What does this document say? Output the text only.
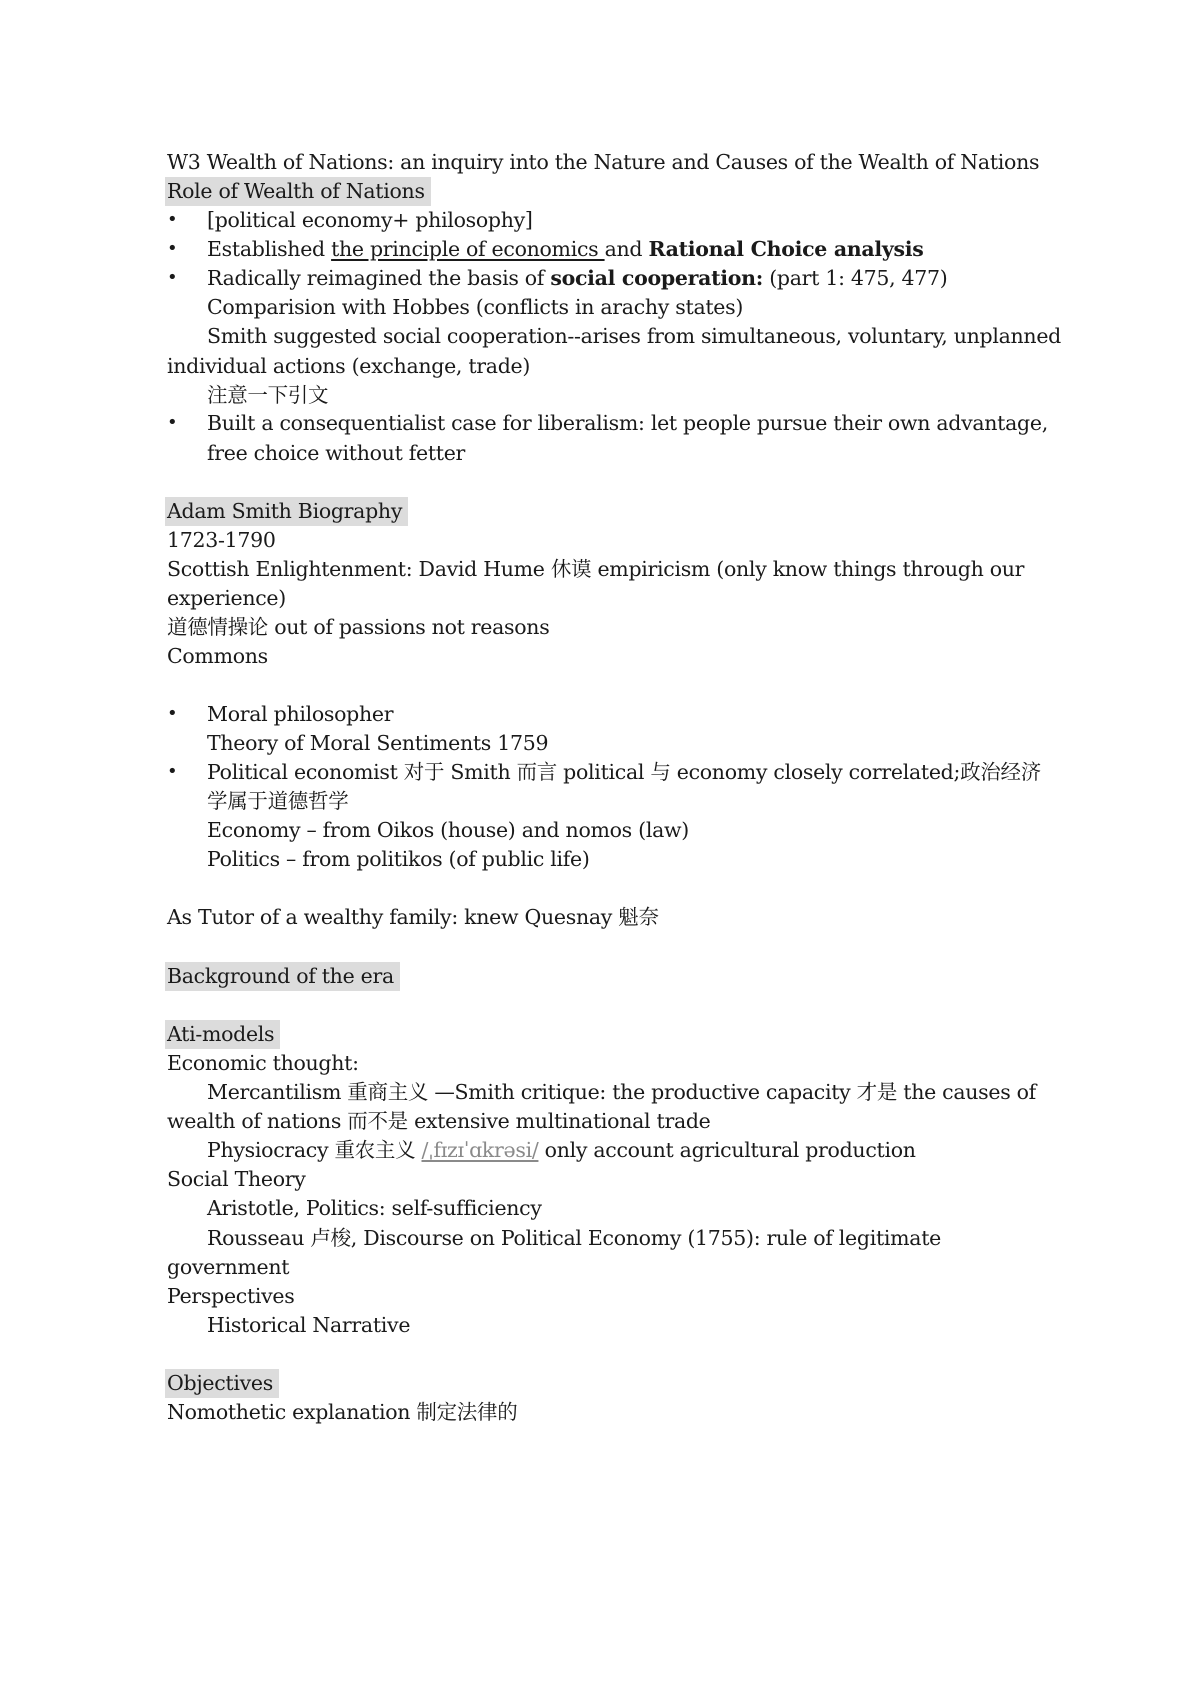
W3 Wealth of Nations: an inquiry into the Nature and Causes of the Wealth of Nations
Role of Wealth of Nations
• [political economy+ philosophy]
• Established the principle of economics and Rational Choice analysis
• Radically reimagined the basis of social cooperation: (part 1: 475, 477)
Comparision with Hobbes (conflicts in arachy states)
Smith suggested social cooperation--arises from simultaneous, voluntary, unplanned
individual actions (exchange, trade)
注意一下引文
• Built a consequentialist case for liberalism: let people pursue their own advantage,
free choice without fetter
Adam Smith Biography
1723-1790
Scottish Enlightenment: David Hume 休谟 empiricism (only know things through our
experience)
道德情操论 out of passions not reasons
Commons
• Moral philosopher
Theory of Moral Sentiments 1759
• Political economist 对于 Smith 而言 political 与 economy closely correlated;政治经济
学属于道德哲学
Economy – from Oikos (house) and nomos (law)
Politics – from politikos (of public life)
As Tutor of a wealthy family: knew Quesnay 魁奈
Background of the era
Ati-models
Economic thought:
Mercantilism 重商主义 —Smith critique: the productive capacity 才是 the causes of
wealth of nations 而不是 extensive multinational trade
Physiocracy 重农主义 /ˌfɪzɪˈɑkrəsi/ only account agricultural production
Social Theory
Aristotle, Politics: self-sufficiency
Rousseau 卢梭, Discourse on Political Economy (1755): rule of legitimate
government
Perspectives
Historical Narrative
Objectives
Nomothetic explanation 制定法律的
